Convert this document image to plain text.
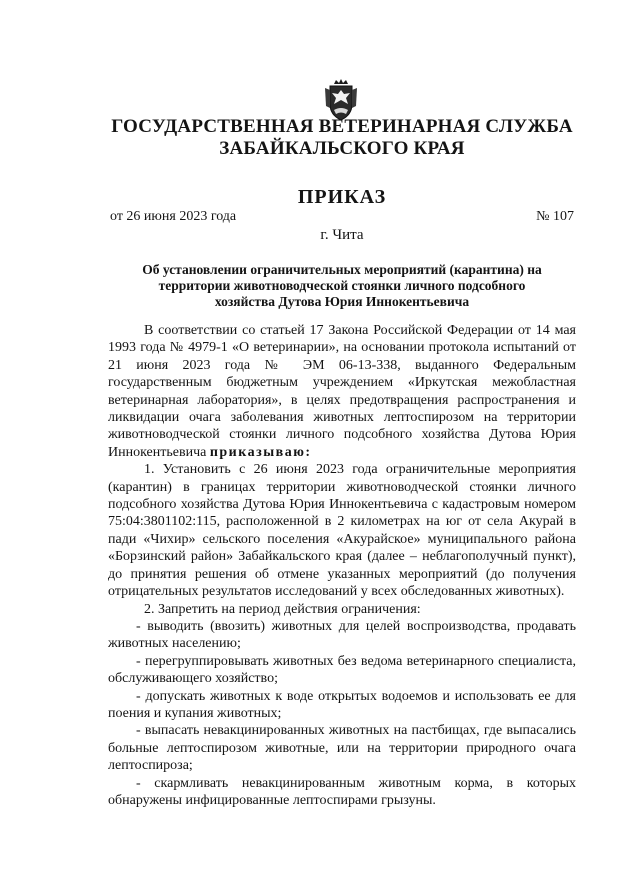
ГОСУДАРСТВЕННАЯ ВЕТЕРИНАРНАЯ СЛУЖБА
ЗАБАЙКАЛЬСКОГО КРАЯ
ПРИКАЗ
от 26 июня 2023 года	№ 107
г. Чита
Об установлении ограничительных мероприятий (карантина) на территории животноводческой стоянки личного подсобного хозяйства Дутова Юрия Иннокентьевича

В соответствии со статьей 17 Закона Российской Федерации от 14 мая 1993 года № 4979-1 «О ветеринарии», на основании протокола испытаний от 21 июня 2023 года № ЭМ 06-13-338, выданного Федеральным государственным бюджетным учреждением «Иркутская межобластная ветеринарная лаборатория», в целях предотвращения распространения и ликвидации очага заболевания животных лептоспирозом на территории животноводческой стоянки личного подсобного хозяйства Дутова Юрия Иннокентьевича приказываю:

1. Установить с 26 июня 2023 года ограничительные мероприятия (карантин) в границах территории животноводческой стоянки личного подсобного хозяйства Дутова Юрия Иннокентьевича с кадастровым номером 75:04:3801102:115, расположенной в 2 километрах на юг от села Акурай в пади «Чихир» сельского поселения «Акурайское» муниципального района «Борзинский район» Забайкальского края (далее – неблагополучный пункт), до принятия решения об отмене указанных мероприятий (до получения отрицательных результатов исследований у всех обследованных животных).

2. Запретить на период действия ограничения:

- выводить (ввозить) животных для целей воспроизводства, продавать животных населению;

- перегруппировывать животных без ведома ветеринарного специалиста, обслуживающего хозяйство;

- допускать животных к воде открытых водоемов и использовать ее для поения и купания животных;

- выпасать невакцинированных животных на пастбищах, где выпасались больные лептоспирозом животные, или на территории природного очага лептоспироза;

- скармливать невакцинированным животным корма, в которых обнаружены инфицированные лептоспирами грызуны.
